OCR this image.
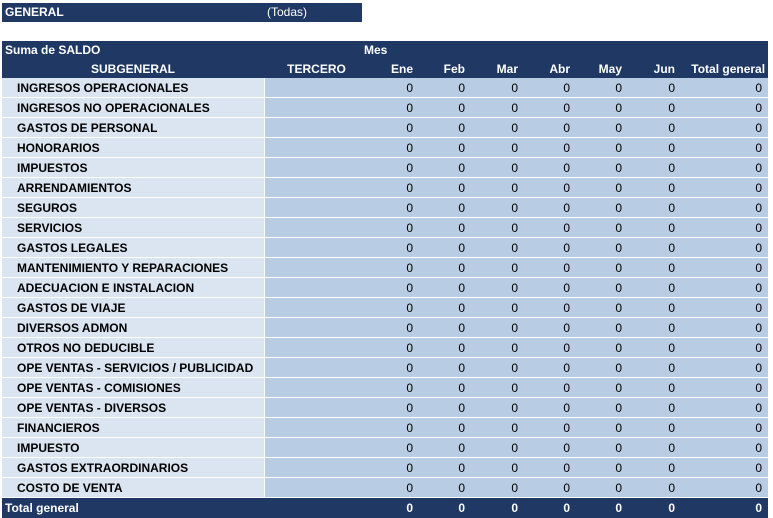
GENERAL	(Todas)
Suma de SALDO		Mes						
SUBGENERAL	TERCERO	Ene	Feb	Mar	Abr	May	Jun	Total general
INGRESOS OPERACIONALES		0	0	0	0	0	0	0
INGRESOS NO OPERACIONALES		0	0	0	0	0	0	0
GASTOS DE PERSONAL		0	0	0	0	0	0	0
HONORARIOS		0	0	0	0	0	0	0
IMPUESTOS		0	0	0	0	0	0	0
ARRENDAMIENTOS		0	0	0	0	0	0	0
SEGUROS		0	0	0	0	0	0	0
SERVICIOS		0	0	0	0	0	0	0
GASTOS LEGALES		0	0	0	0	0	0	0
MANTENIMIENTO Y REPARACIONES		0	0	0	0	0	0	0
ADECUACION E INSTALACION		0	0	0	0	0	0	0
GASTOS DE VIAJE		0	0	0	0	0	0	0
DIVERSOS ADMON		0	0	0	0	0	0	0
OTROS NO DEDUCIBLE		0	0	0	0	0	0	0
OPE VENTAS - SERVICIOS / PUBLICIDAD		0	0	0	0	0	0	0
OPE VENTAS - COMISIONES		0	0	0	0	0	0	0
OPE VENTAS - DIVERSOS		0	0	0	0	0	0	0
FINANCIEROS		0	0	0	0	0	0	0
IMPUESTO		0	0	0	0	0	0	0
GASTOS EXTRAORDINARIOS		0	0	0	0	0	0	0
COSTO DE VENTA		0	0	0	0	0	0	0
Total general		0	0	0	0	0	0	0
